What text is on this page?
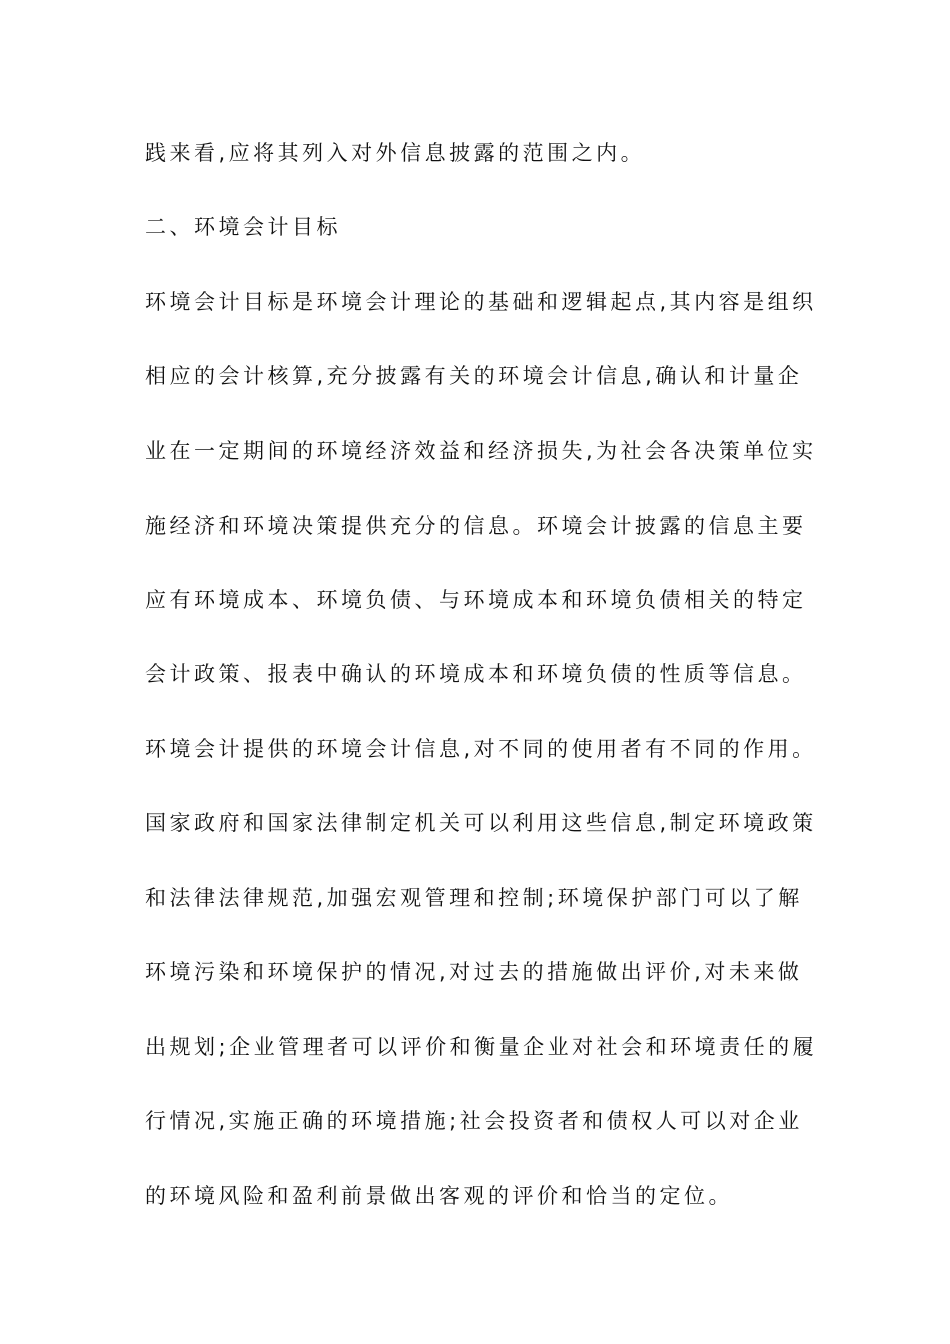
践来看,应将其列入对外信息披露的范围之内。
二、环境会计目标
环境会计目标是环境会计理论的基础和逻辑起点,其内容是组织
相应的会计核算,充分披露有关的环境会计信息,确认和计量企
业在一定期间的环境经济效益和经济损失,为社会各决策单位实
施经济和环境决策提供充分的信息。环境会计披露的信息主要
应有环境成本、环境负债、与环境成本和环境负债相关的特定
会计政策、报表中确认的环境成本和环境负债的性质等信息。
环境会计提供的环境会计信息,对不同的使用者有不同的作用。
国家政府和国家法律制定机关可以利用这些信息,制定环境政策
和法律法律规范,加强宏观管理和控制;环境保护部门可以了解
环境污染和环境保护的情况,对过去的措施做出评价,对未来做
出规划;企业管理者可以评价和衡量企业对社会和环境责任的履
行情况,实施正确的环境措施;社会投资者和债权人可以对企业
的环境风险和盈利前景做出客观的评价和恰当的定位。
